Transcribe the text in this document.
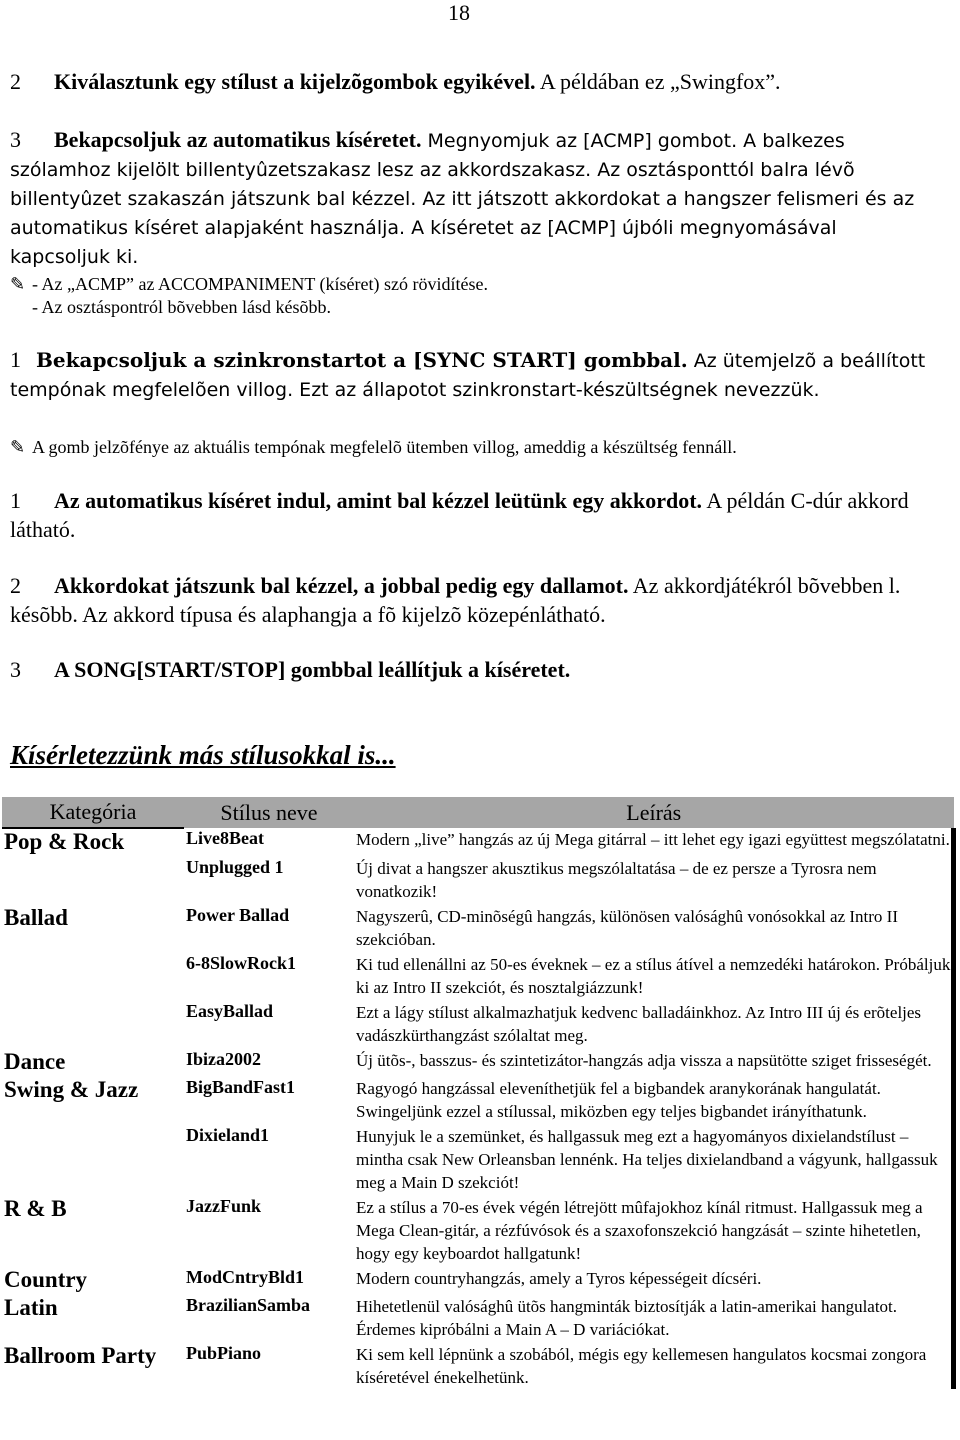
18
2 Kiválasztunk egy stílust a kijelzõgombok egyikével. A példában ez „Swingfox”.
3 Bekapcsoljuk az automatikus kíséretet. Megnyomjuk az [ACMP] gombot. A balkezes szólamhoz kijelölt billentyûzetszakasz lesz az akkordszakasz. Az osztásponttól balra lévõ billentyûzet szakaszán játszunk bal kézzel. Az itt játszott akkordokat a hangszer felismeri és az automatikus kíséret alapjaként használja. A kíséretet az [ACMP] újbóli megnyomásával kapcsoljuk ki.
✎ - Az „ACMP” az ACCOMPANIMENT (kíséret) szó rövidítése.
- Az osztáspontról bõvebben lásd késõbb.
1 Bekapcsoljuk a szinkronstartot a [SYNC START] gombbal. Az ütemjelzõ a beállított tempónak megfelelõen villog. Ezt az állapotot szinkronstart-készültségnek nevezzük.
✎ A gomb jelzõfénye az aktuális tempónak megfelelõ ütemben villog, ameddig a készültség fennáll.
1 Az automatikus kíséret indul, amint bal kézzel leütünk egy akkordot. A példán C-dúr akkord látható.
2 Akkordokat játszunk bal kézzel, a jobbal pedig egy dallamot. Az akkordjátékról bõvebben l. késõbb. Az akkord típusa és alaphangja a fõ kijelzõ közepénlátható.
3 A SONG[START/STOP] gombbal leállítjuk a kíséretet.
Kísérletezzünk más stílusokkal is...
Kategória	Stílus neve	Leírás
Pop & Rock	Live8Beat	Modern „live” hangzás az új Mega gitárral – itt lehet egy igazi együttest megszólatatni.
	Unplugged 1	Új divat a hangszer akusztikus megszólaltatása – de ez persze a Tyrosra nem vonatkozik!
Ballad	Power Ballad	Nagyszerû, CD-minõségû hangzás, különösen valósághû vonósokkal az Intro II szekcióban.
	6-8SlowRock1	Ki tud ellenállni az 50-es éveknek – ez a stílus átível a nemzedéki határokon. Próbáljuk ki az Intro II szekciót, és nosztalgiázzunk!
	EasyBallad	Ezt a lágy stílust alkalmazhatjuk kedvenc balladáinkhoz. Az Intro III új és erõteljes vadászkürthangzást szólaltat meg.
Dance	Ibiza2002	Új ütõs-, basszus- és szintetizátor-hangzás adja vissza a napsütötte sziget frisseségét.
Swing & Jazz	BigBandFast1	Ragyogó hangzással eleveníthetjük fel a bigbandek aranykorának hangulatát. Swingeljünk ezzel a stílussal, miközben egy teljes bigbandet irányíthatunk.
	Dixieland1	Hunyjuk le a szemünket, és hallgassuk meg ezt a hagyományos dixielandstílust – mintha csak New Orleansban lennénk. Ha teljes dixielandband a vágyunk, hallgassuk meg a Main D szekciót!
R & B	JazzFunk	Ez a stílus a 70-es évek végén létrejött mûfajokhoz kínál ritmust. Hallgassuk meg a Mega Clean-gitár, a rézfúvósok és a szaxofonszekció hangzását – szinte hihetetlen, hogy egy keyboardot hallgatunk!
Country	ModCntryBld1	Modern countryhangzás, amely a Tyros képességeit dícséri.
Latin	BrazilianSamba	Hihetetlenül valósághû ütõs hangminták biztosítják a latin-amerikai hangulatot. Érdemes kipróbálni a Main A – D variációkat.
Ballroom Party	PubPiano	Ki sem kell lépnünk a szobából, mégis egy kellemesen hangulatos kocsmai zongora kíséretével énekelhetünk.
